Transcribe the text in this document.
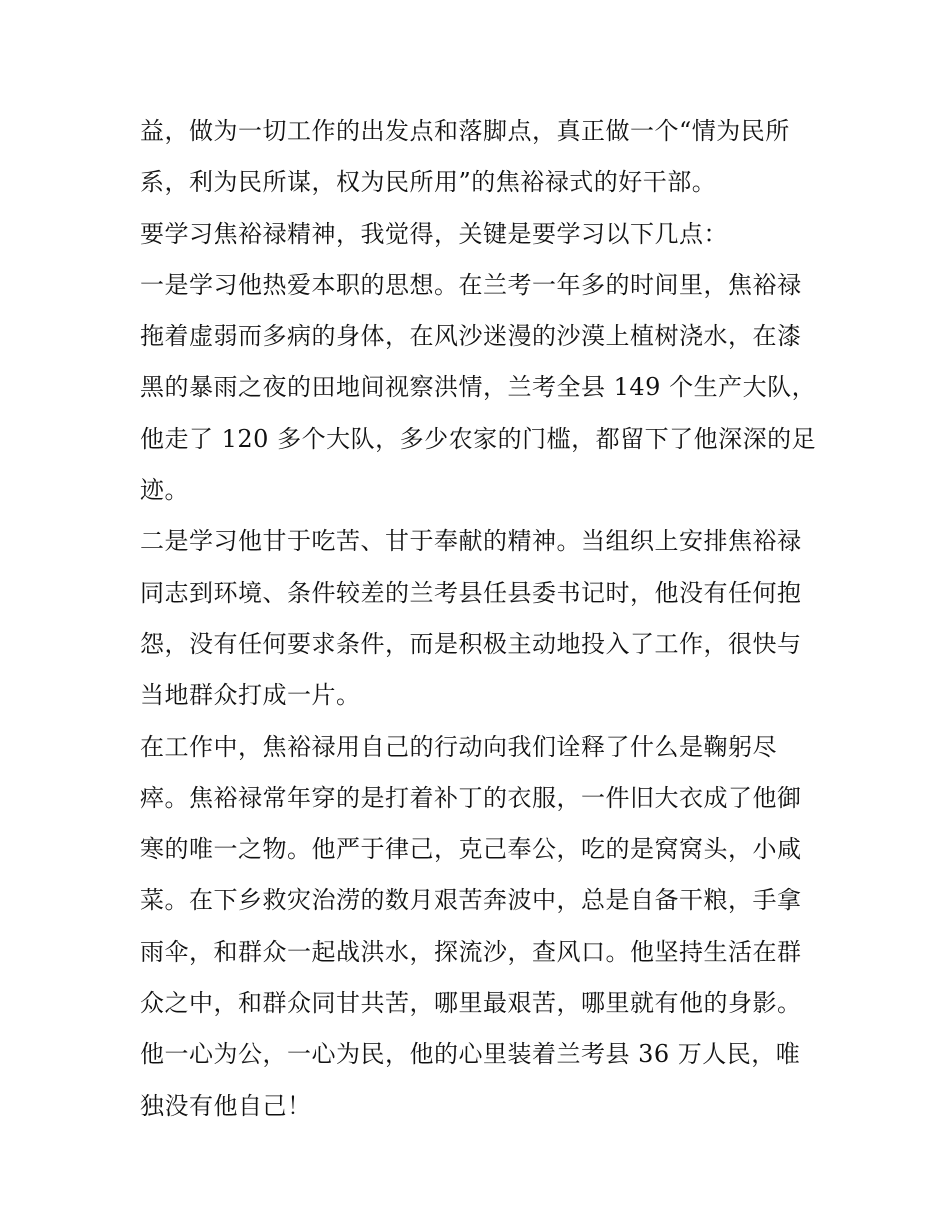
益，做为一切工作的出发点和落脚点，真正做一个“情为民所
系，利为民所谋，权为民所用”的焦裕禄式的好干部。
要学习焦裕禄精神，我觉得，关键是要学习以下几点：
一是学习他热爱本职的思想。在兰考一年多的时间里，焦裕禄
拖着虚弱而多病的身体，在风沙迷漫的沙漠上植树浇水，在漆
黑的暴雨之夜的田地间视察洪情，兰考全县 149 个生产大队，
他走了 120 多个大队，多少农家的门槛，都留下了他深深的足
迹。
二是学习他甘于吃苦、甘于奉献的精神。当组织上安排焦裕禄
同志到环境、条件较差的兰考县任县委书记时，他没有任何抱
怨，没有任何要求条件，而是积极主动地投入了工作，很快与
当地群众打成一片。
在工作中，焦裕禄用自己的行动向我们诠释了什么是鞠躬尽
瘁。焦裕禄常年穿的是打着补丁的衣服，一件旧大衣成了他御
寒的唯一之物。他严于律己，克己奉公，吃的是窝窝头，小咸
菜。在下乡救灾治涝的数月艰苦奔波中，总是自备干粮，手拿
雨伞，和群众一起战洪水，探流沙，查风口。他坚持生活在群
众之中，和群众同甘共苦，哪里最艰苦，哪里就有他的身影。
他一心为公，一心为民，他的心里装着兰考县 36 万人民，唯
独没有他自己！
